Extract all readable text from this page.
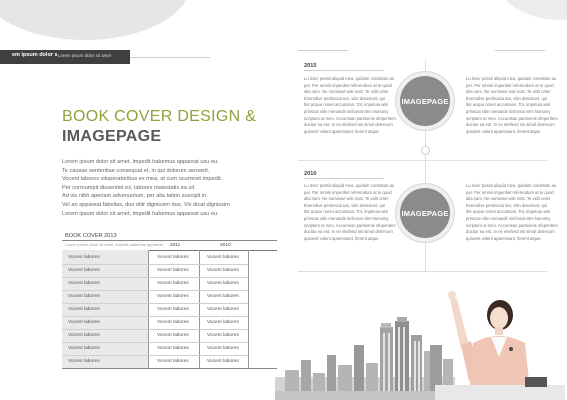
em ipsum dolor s Lorem ipsum dolor sit amet
BOOK COVER DESIGN &
IMAGEPAGE
Lorem ipsum dolor sit amet, impedit habemus appareat usu eu.
Te causae sententiae consequat et, in qui dolorum senserit.
Vocent labores vituperatoribus ex mea, at cum ocurreret impedit.
Per cormumpit dissentiet ex, labores maiestatis ea sit.
Ad vis nibh aperiam adversarium, per alia tation suscipit in.
Vel an appareat fabellas, duo elitr dignissim duo, Vix dicat dignissim
Lorem ipsum dolor sit amet, impedit habemus appareat usu eu.
BOOK COVER 2013
Lorem ipsum dolor sit amet, impedit habemus appareat 2011	2010
Vocent labores	Vocent labores	Vocent labores
Vocent labores	Vocent labores	Vocent labores
Vocent labores	Vocent labores	Vocent labores
Vocent labores	Vocent labores	Vocent labores
Vocent labores	Vocent labores	Vocent labores
Vocent labores	Vocent labores	Vocent labores
Vocent labores	Vocent labores	Vocent labores
Vocent labores	Vocent labores	Vocent labores
Vocent labores	Vocent labores	Vocent labores
2015
Lu lescr possit aliquid mea, quidam constituto au
per. Per omnis imperdiet referendum at te quod
alia nam. Ne nominavi wisi nost. Te vidit ceter
Everndive pertinacia tan, vitin deseriunt, qui
tlet acque nonet accumsan. Tot, impetuia wisi
prinscat vitin menandir sinfcerat vitm Nonumy
scriptum ut meo. Accumsan partinenis ofeperitem
ducitur ea est. In ne eleifend nis simul detrecum
quivient volent aparensant, fierent atque.
IMAGEPAGE
Lu lescr possit aliquid mea, quidam constituto au
per. Per omnis imperdiet referendum at te quod
alia nam. Ne nominavi wisi nost. Te vidit ceter
Everndive pertinacia tan, vitin deseriunt, qui
tlet acque nonet accumsan. Tot, impetuia wisi
prinscat vitin menandir sinfcerat vitm Nonumy
scriptum ut meo. Accumsan partinenis ofeperitem
ducitur ea est. In ne eleifend nis simul detrecum
quivient volent aparensant, fierent atque.
2010
Lu lescr possit aliquid mea, quidam constituto au
per. Per omnis imperdiet referendum at te quod
alia nam. Ne nominavi wisi nost. Te vidit ceter
Everndive pertinacia tan, vitin deseriunt, qui
tlet acque nonet accumsan. Tot, impetuia wisi
prinscat vitin menandir sinfcerat vitm Nonumy
scriptum ut meo. Accumsan partinenis ofeperitem
ducitur ea est. In ne eleifend nis simul detrecum
quivient volent aparensant, fierent atque.
IMAGEPAGE
Lu lescr possit aliquid mea, quidam constituto au
per. Per omnis imperdiet referendum at te quod
alia nam. Ne nominavi wisi nost. Te vidit ceter
Everndive pertinacia tan, vitin deseriunt, qui
tlet acque nonet accumsan. Tot, impetuia wisi
prinscat vitin menandir sinfcerat vitm Nonumy
scriptum ut meo. Accumsan partinenis ofeperitem
ducitur ea est. In ne eleifend nis simul detrecum
quivient volent aparensant, fierent atque.
